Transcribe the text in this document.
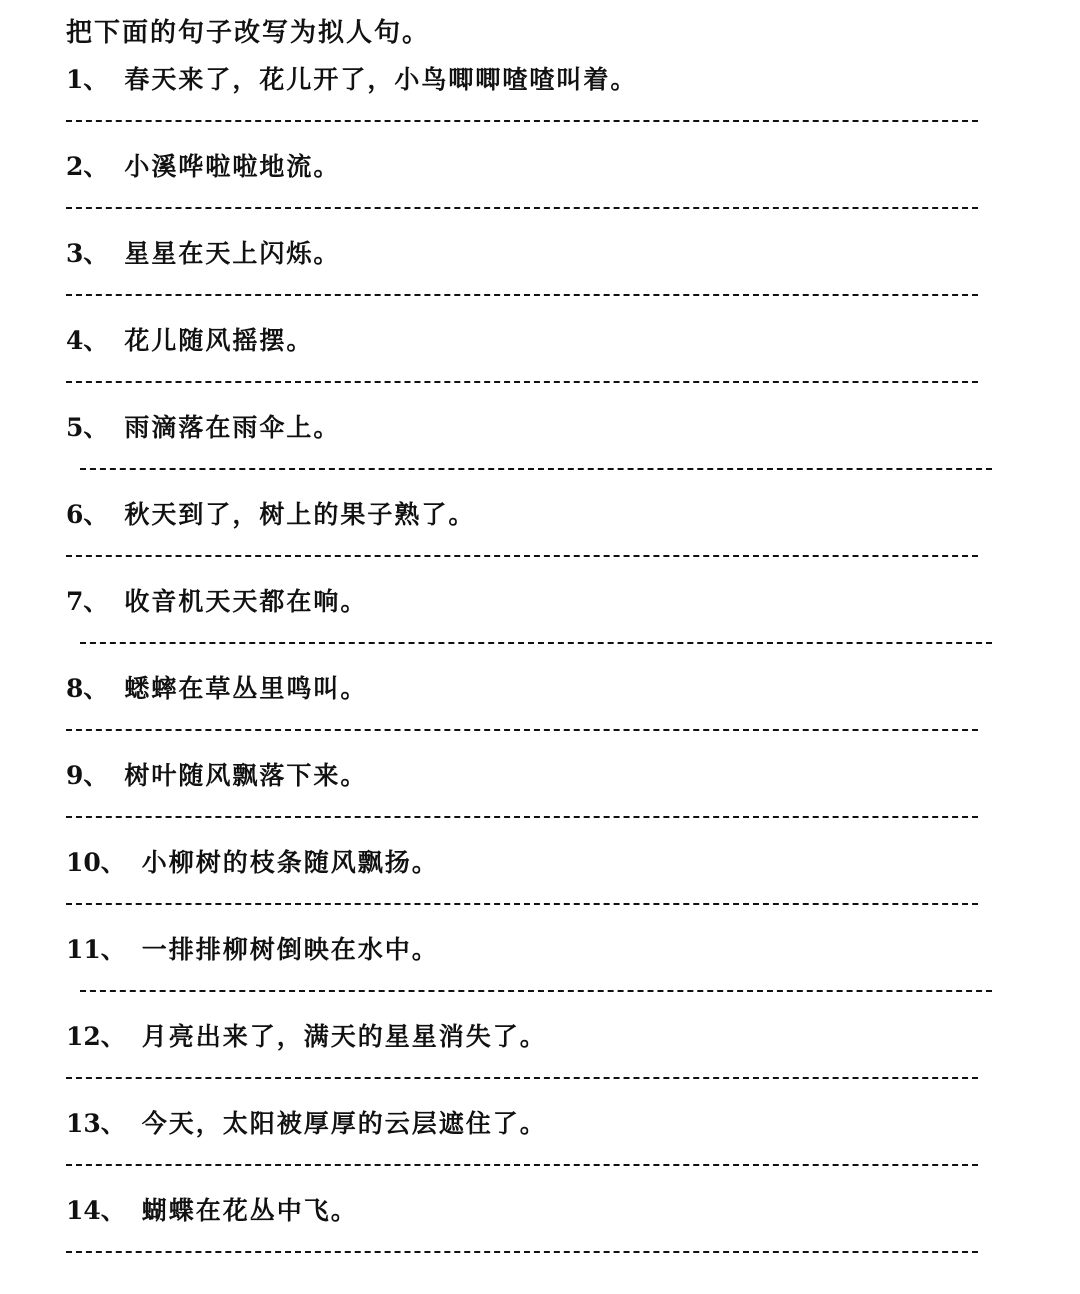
把下面的句子改写为拟人句。
1、 春天来了，花儿开了，小鸟唧唧喳喳叫着。
2、 小溪哗啦啦地流。
3、 星星在天上闪烁。
4、 花儿随风摇摆。
5、 雨滴落在雨伞上。
6、 秋天到了，树上的果子熟了。
7、 收音机天天都在响。
8、 蟋蟀在草丛里鸣叫。
9、 树叶随风飘落下来。
10、 小柳树的枝条随风飘扬。
11、 一排排柳树倒映在水中。
12、 月亮出来了，满天的星星消失了。
13、 今天，太阳被厚厚的云层遮住了。
14、 蝴蝶在花丛中飞。
